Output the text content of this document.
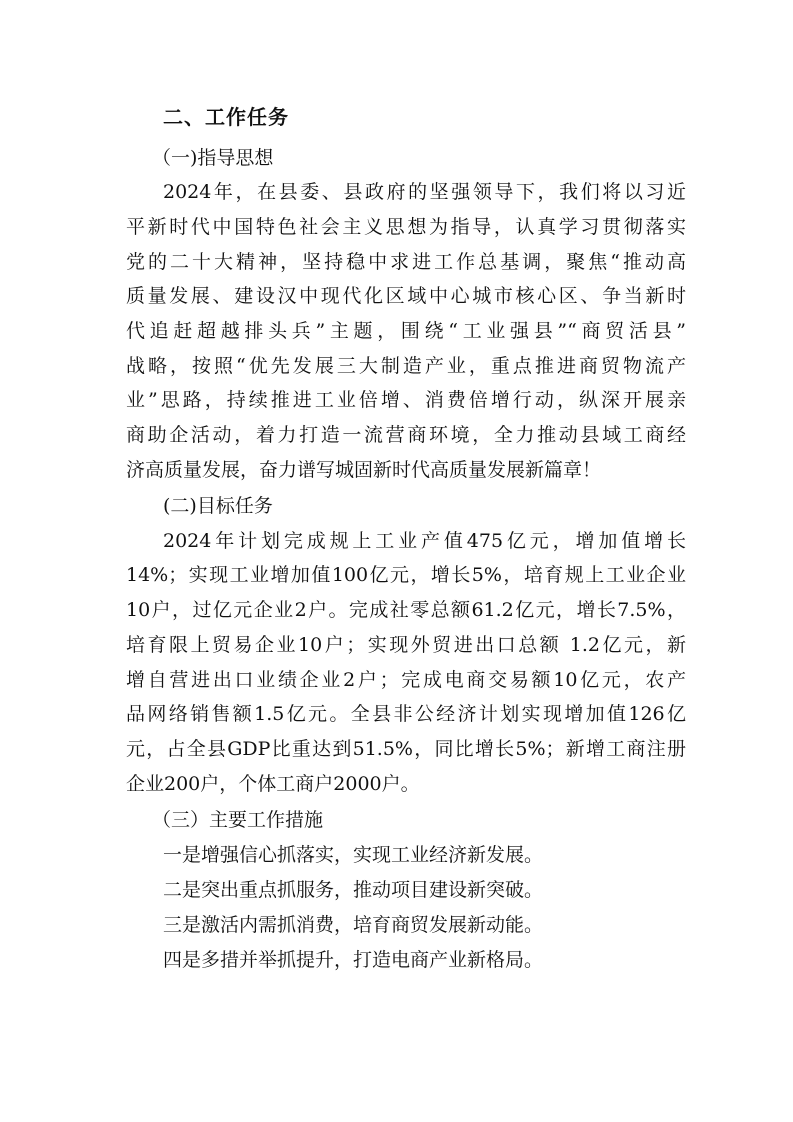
二、工作任务
（一)指导思想
2024年，在县委、县政府的坚强领导下，我们将以习近
平新时代中国特色社会主义思想为指导，认真学习贯彻落实
党的二十大精神，坚持稳中求进工作总基调，聚焦“推动高
质量发展、建设汉中现代化区域中心城市核心区、争当新时
代追赶超越排头兵”主题，围绕“工业强县”“商贸活县”
战略，按照“优先发展三大制造产业，重点推进商贸物流产
业”思路，持续推进工业倍增、消费倍增行动，纵深开展亲
商助企活动，着力打造一流营商环境，全力推动县域工商经
济高质量发展，奋力谱写城固新时代高质量发展新篇章！
(二)目标任务
2024年计划完成规上工业产值475亿元，增加值增长
14%；实现工业增加值100亿元，增长5%，培育规上工业企业
10户，过亿元企业2户。完成社零总额61.2亿元，增长7.5%，
培育限上贸易企业10户；实现外贸进出口总额 1.2亿元，新
增自营进出口业绩企业2户；完成电商交易额10亿元，农产
品网络销售额1.5亿元。全县非公经济计划实现增加值126亿
元，占全县GDP比重达到51.5%，同比增长5%；新增工商注册
企业200户，个体工商户2000户。
（三）主要工作措施
一是增强信心抓落实，实现工业经济新发展。
二是突出重点抓服务，推动项目建设新突破。
三是激活内需抓消费，培育商贸发展新动能。
四是多措并举抓提升，打造电商产业新格局。
